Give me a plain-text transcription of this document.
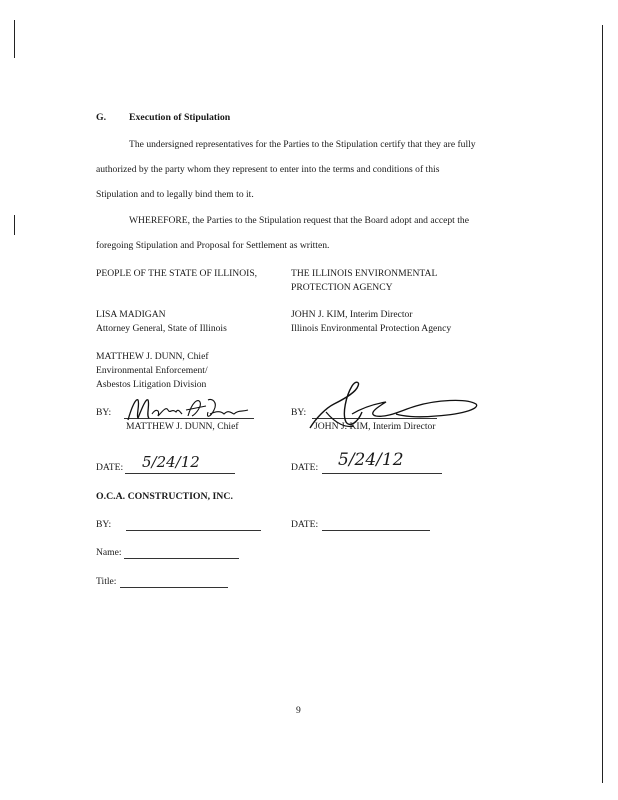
G. Execution of Stipulation
The undersigned representatives for the Parties to the Stipulation certify that they are fully
authorized by the party whom they represent to enter into the terms and conditions of this
Stipulation and to legally bind them to it.
WHEREFORE, the Parties to the Stipulation request that the Board adopt and accept the
foregoing Stipulation and Proposal for Settlement as written.
PEOPLE OF THE STATE OF ILLINOIS,
LISA MADIGAN
Attorney General, State of Illinois
MATTHEW J. DUNN, Chief
Environmental Enforcement/
Asbestos Litigation Division
THE ILLINOIS ENVIRONMENTAL
PROTECTION AGENCY
JOHN J. KIM, Interim Director
Illinois Environmental Protection Agency
BY:
MATTHEW J. DUNN, Chief
BY:
JOHN J. KIM, Interim Director
DATE: 5/24/12	DATE: 5/24/12
O.C.A. CONSTRUCTION, INC.
BY:	DATE:
Name:
Title:
9
